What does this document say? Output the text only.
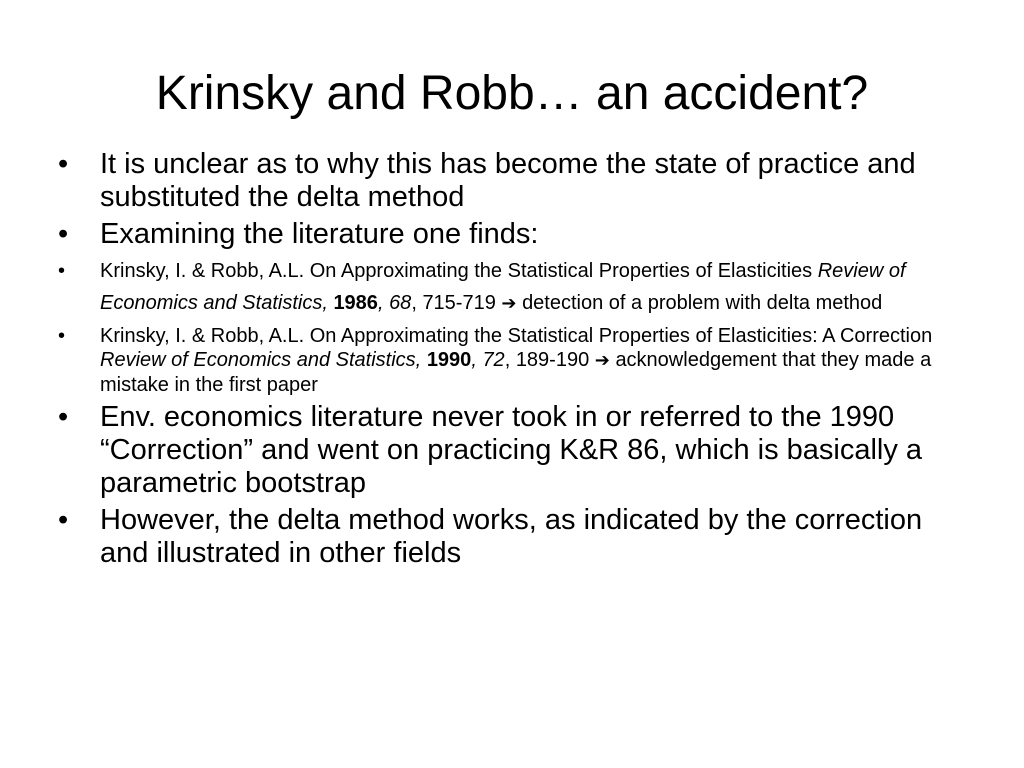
Krinsky and Robb… an accident?
• It is unclear as to why this has become the state of practice and substituted the delta method
• Examining the literature one finds:
• Krinsky, I. & Robb, A.L. On Approximating the Statistical Properties of Elasticities Review of Economics and Statistics, 1986, 68, 715-719 ➔ detection of a problem with delta method
• Krinsky, I. & Robb, A.L. On Approximating the Statistical Properties of Elasticities: A Correction Review of Economics and Statistics, 1990, 72, 189-190 ➔ acknowledgement that they made a mistake in the first paper
• Env. economics literature never took in or referred to the 1990 “Correction” and went on practicing K&R 86, which is basically a parametric bootstrap
• However, the delta method works, as indicated by the correction and illustrated in other fields
